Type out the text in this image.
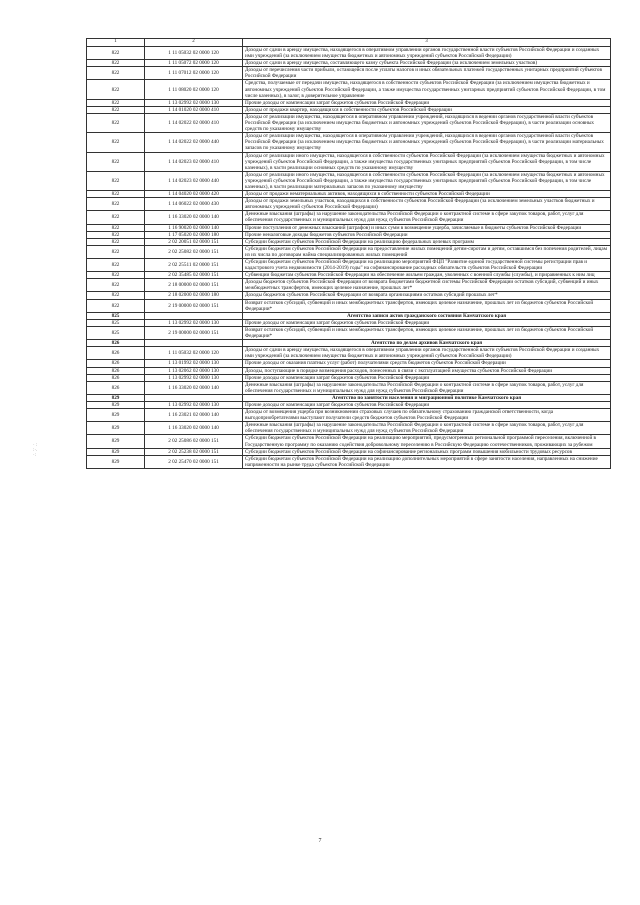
1	2	3
822	1 11 05032 02 0000 120	Доходы от сдачи в аренду имущества, находящегося в оперативном управлении органов государственной власти субъектов Российской Федерации и созданных ими учреждений (за исключением имущества бюджетных и автономных учреждений субъектов Российской Федерации)
822	1 11 05072 02 0000 120	Доходы от сдачи в аренду имущества, составляющего казну субъекта Российской Федерации (за исключением земельных участков)
822	1 11 07012 02 0000 120	Доходы от перечисления части прибыли, остающейся после уплаты налогов и иных обязательных платежей государственных унитарных предприятий субъектов Российской Федерации
822	1 11 08020 02 0000 120	Средства, получаемые от передачи имущества, находящегося в собственности субъектов Российской Федерации (за исключением имущества бюджетных и автономных учреждений субъектов Российской Федерации, а также имущества государственных унитарных предприятий субъектов Российской Федерации, в том числе казенных), в залог, в доверительное управление
822	1 13 02992 02 0000 130	Прочие доходы от компенсации затрат бюджетов субъектов Российской Федерации
822	1 14 01020 02 0000 410	Доходы от продажи квартир, находящихся в собственности субъектов Российской Федерации
822	1 14 02022 02 0000 410	Доходы от реализации имущества, находящегося в оперативном управлении учреждений, находящихся в ведении органов государственной власти субъектов Российской Федерации (за исключением имущества бюджетных и автономных учреждений субъектов Российской Федерации), в части реализации основных средств по указанному имуществу
822	1 14 02022 02 0000 440	Доходы от реализации имущества, находящегося в оперативном управлении учреждений, находящихся в ведении органов государственной власти субъектов Российской Федерации (за исключением имущества бюджетных и автономных учреждений субъектов Российской Федерации), в части реализации материальных запасов по указанному имуществу
822	1 14 02023 02 0000 410	Доходы от реализации иного имущества, находящегося в собственности субъектов Российской Федерации (за исключением имущества бюджетных и автономных учреждений субъектов Российской Федерации, а также имущества государственных унитарных предприятий субъектов Российской Федерации, в том числе казенных), в части реализации основных средств по указанному имуществу
822	1 14 02023 02 0000 440	Доходы от реализации иного имущества, находящегося в собственности субъектов Российской Федерации (за исключением имущества бюджетных и автономных учреждений субъектов Российской Федерации, а также имущества государственных унитарных предприятий субъектов Российской Федерации, в том числе казенных), в части реализации материальных запасов по указанному имуществу
822	1 14 04020 02 0000 420	Доходы от продажи нематериальных активов, находящихся в собственности субъектов Российской Федерации
822	1 14 06022 02 0000 430	Доходы от продажи земельных участков, находящихся в собственности субъектов Российской Федерации (за исключением земельных участков бюджетных и автономных учреждений субъектов Российской Федерации)
822	1 16 33020 02 0000 140	Денежные взыскания (штрафы) за нарушение законодательства Российской Федерации о контрактной системе в сфере закупок товаров, работ, услуг для обеспечения государственных и муниципальных нужд для нужд субъектов Российской Федерации
822	1 16 90020 02 0000 140	Прочие поступления от денежных взысканий (штрафов) и иных сумм в возмещение ущерба, зачисляемые в бюджеты субъектов Российской Федерации
822	1 17 05020 02 0000 180	Прочие неналоговые доходы бюджетов субъектов Российской Федерации
822	2 02 20051 02 0000 151	Субсидии бюджетам субъектов Российской Федерации на реализацию федеральных целевых программ
822	2 02 25082 02 0000 151	Субсидии бюджетам субъектов Российской Федерации на предоставление жилых помещений детям-сиротам и детям, оставшимся без попечения родителей, лицам из их числа по договорам найма специализированных жилых помещений
822	2 02 25511 02 0000 151	Субсидии бюджетам субъектов Российской Федерации на реализацию мероприятий ФЦП "Развитие единой государственной системы регистрации прав и кадастрового учета недвижимости (2014-2019) годы" на софинансирование расходных обязательств субъектов Российской Федерации
822	2 02 35485 02 0000 151	Субвенции бюджетам субъектов Российской Федерации на обеспечение жильем граждан, уволенных с военной службы (службы), и приравненных к ним лиц
822	2 18 00000 02 0000 151	Доходы бюджетов субъектов Российской Федерации от возврата бюджетами бюджетной системы Российской Федерации остатков субсидий, субвенций и иных межбюджетных трансфертов, имеющих целевое назначение, прошлых лет*
822	2 18 02000 02 0000 180	Доходы бюджетов субъектов Российской Федерации от возврата организациями остатков субсидий прошлых лет*
822	2 19 00000 02 0000 151	Возврат остатков субсидий, субвенций и иных межбюджетных трансфертов, имеющих целевое назначение, прошлых лет из бюджетов субъектов Российской Федерации*
825		Агентство записи актов гражданского состояния Камчатского края
825	1 13 02992 02 0000 130	Прочие доходы от компенсации затрат бюджетов субъектов Российской Федерации
825	2 19 00000 02 0000 151	Возврат остатков субсидий, субвенций и иных межбюджетных трансфертов, имеющих целевое назначение, прошлых лет из бюджетов субъектов Российской Федерации*
826		Агентство по делам архивов Камчатского края
826	1 11 05032 02 0000 120	Доходы от сдачи в аренду имущества, находящегося в оперативном управлении органов государственной власти субъектов Российской Федерации и созданных ими учреждений (за исключением имущества бюджетных и автономных учреждений субъектов Российской Федерации)
826	1 13 01992 02 0000 130	Прочие доходы от оказания платных услуг (работ) получателями средств бюджетов субъектов Российской Федерации
826	1 13 02062 02 0000 130	Доходы, поступающие в порядке возмещения расходов, понесенных в связи с эксплуатацией имущества субъектов Российской Федерации
826	1 13 02992 02 0000 130	Прочие доходы от компенсации затрат бюджетов субъектов Российской Федерации
826	1 16 33020 02 0000 140	Денежные взыскания (штрафы) за нарушение законодательства Российской Федерации о контрактной системе в сфере закупок товаров, работ, услуг для обеспечения государственных и муниципальных нужд для нужд субъектов Российской Федерации
829		Агентство по занятости населения и миграционной политике Камчатского края
829	1 13 02992 02 0000 130	Прочие доходы от компенсации затрат бюджетов субъектов Российской Федерации
829	1 16 23021 02 0000 140	Доходы от возмещения ущерба при возникновении страховых случаев по обязательному страхованию гражданской ответственности, когда выгодоприобретателями выступают получатели средств бюджетов субъектов Российской Федерации
829	1 16 33020 02 0000 140	Денежные взыскания (штрафы) за нарушение законодательства Российской Федерации о контрактной системе в сфере закупок товаров, работ, услуг для обеспечения государственных и муниципальных нужд для нужд субъектов Российской Федерации
829	2 02 25086 02 0000 151	Субсидии бюджетам субъектов Российской Федерации на реализацию мероприятий, предусмотренных региональной программой переселения, включенной в Государственную программу по оказанию содействия добровольному переселению в Российскую Федерацию соотечественников, проживающих за рубежом
829	2 02 25238 02 0000 151	Субсидии бюджетам субъектов Российской Федерации на софинансирование региональных программ повышения мобильности трудовых ресурсов
829	2 02 25470 02 0000 151	Субсидии бюджетам субъектов Российской Федерации на реализацию дополнительных мероприятий в сфере занятости населения, направленных на снижение напряженности на рынке труда субъектов Российской Федерации
· :
:·.
·:
7
